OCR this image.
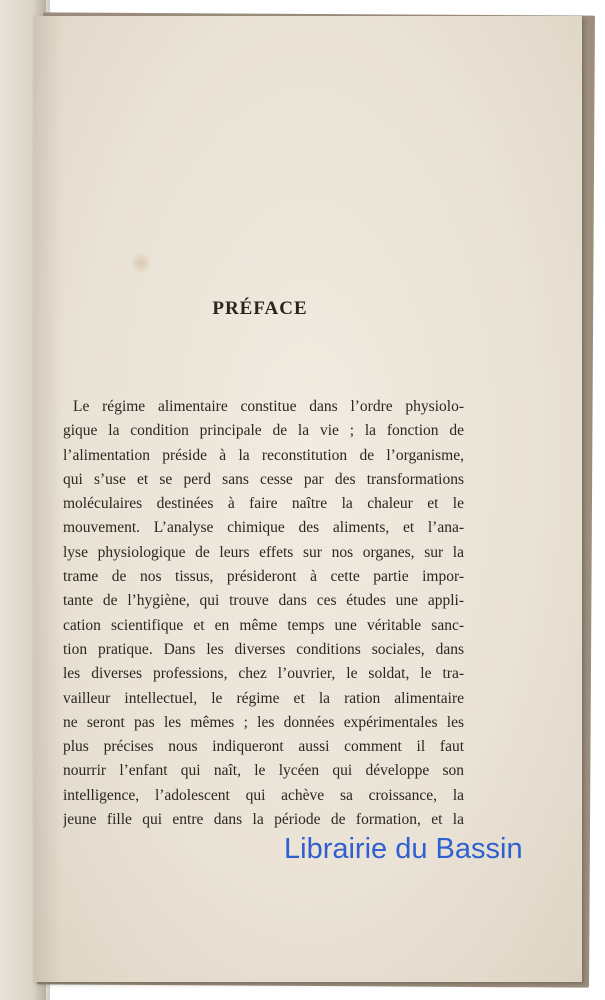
PRÉFACE
Le régime alimentaire constitue dans l’ordre physiolo-
gique la condition principale de la vie ; la fonction de
l’alimentation préside à la reconstitution de l’organisme,
qui s’use et se perd sans cesse par des transformations
moléculaires destinées à faire naître la chaleur et le
mouvement. L’analyse chimique des aliments, et l’ana-
lyse physiologique de leurs effets sur nos organes, sur la
trame de nos tissus, présideront à cette partie impor-
tante de l’hygiène, qui trouve dans ces études une appli-
cation scientifique et en même temps une véritable sanc-
tion pratique. Dans les diverses conditions sociales, dans
les diverses professions, chez l’ouvrier, le soldat, le tra-
vailleur intellectuel, le régime et la ration alimentaire
ne seront pas les mêmes ; les données expérimentales les
plus précises nous indiqueront aussi comment il faut
nourrir l’enfant qui naît, le lycéen qui développe son
intelligence, l’adolescent qui achève sa croissance, la
jeune fille qui entre dans la période de formation, et la
Librairie du Bassin
